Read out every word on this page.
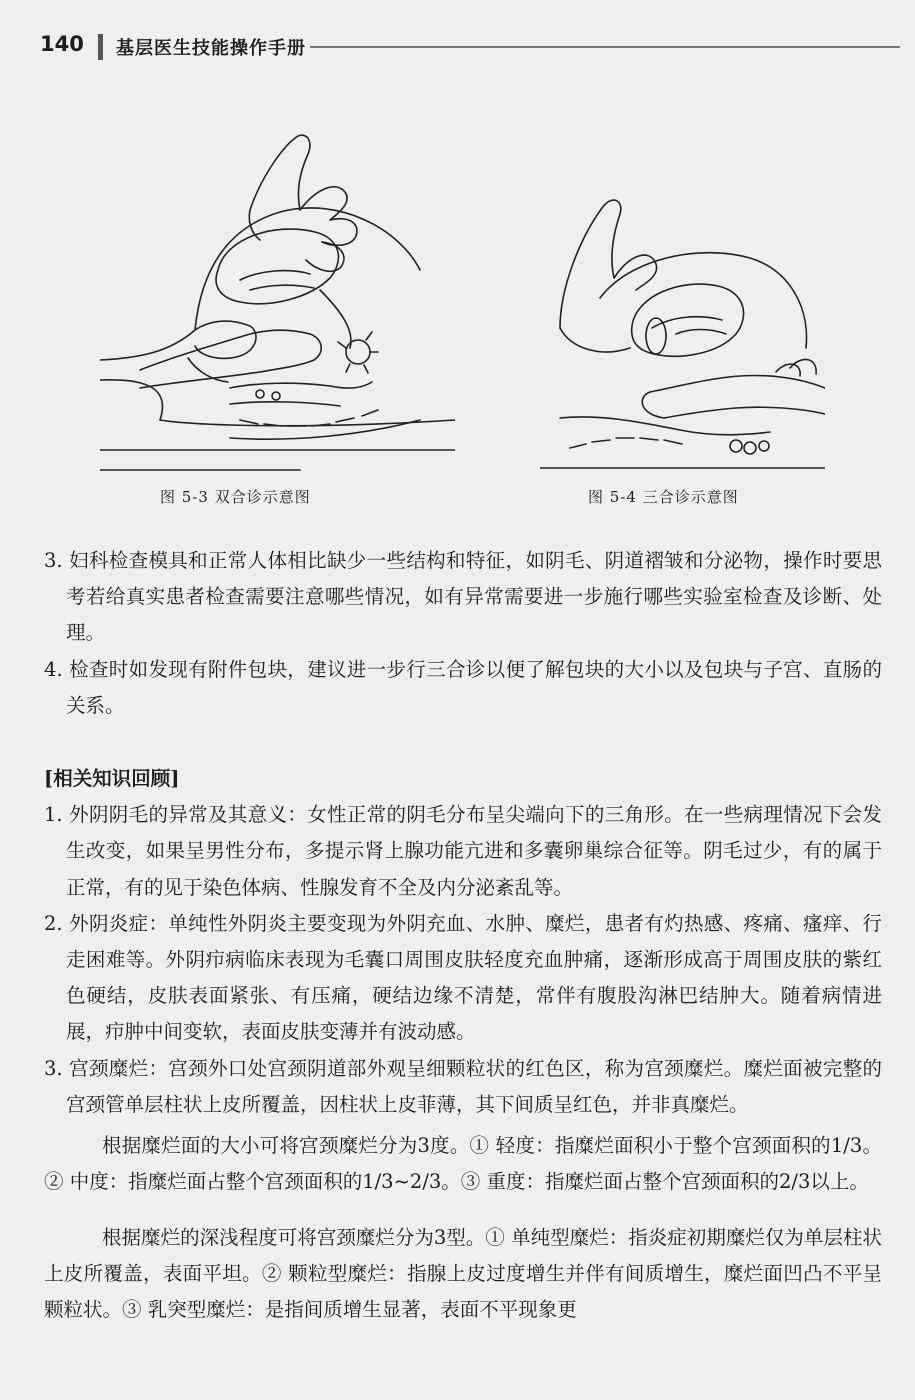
140 基层医生技能操作手册
图 5-3 双合诊示意图	图 5-4 三合诊示意图

3. 妇科检查模具和正常人体相比缺少一些结构和特征，如阴毛、阴道褶皱和分泌物，操作时要思考若给真实患者检查需要注意哪些情况，如有异常需要进一步施行哪些实验室检查及诊断、处理。

4. 检查时如发现有附件包块，建议进一步行三合诊以便了解包块的大小以及包块与子宫、直肠的关系。

[相关知识回顾]

1. 外阴阴毛的异常及其意义：女性正常的阴毛分布呈尖端向下的三角形。在一些病理情况下会发生改变，如果呈男性分布，多提示肾上腺功能亢进和多囊卵巢综合征等。阴毛过少，有的属于正常，有的见于染色体病、性腺发育不全及内分泌紊乱等。

2. 外阴炎症：单纯性外阴炎主要变现为外阴充血、水肿、糜烂，患者有灼热感、疼痛、瘙痒、行走困难等。外阴疖病临床表现为毛囊口周围皮肤轻度充血肿痛，逐渐形成高于周围皮肤的紫红色硬结，皮肤表面紧张、有压痛，硬结边缘不清楚，常伴有腹股沟淋巴结肿大。随着病情进展，疖肿中间变软，表面皮肤变薄并有波动感。

3. 宫颈糜烂：宫颈外口处宫颈阴道部外观呈细颗粒状的红色区，称为宫颈糜烂。糜烂面被完整的宫颈管单层柱状上皮所覆盖，因柱状上皮菲薄，其下间质呈红色，并非真糜烂。

根据糜烂面的大小可将宫颈糜烂分为3度。① 轻度：指糜烂面积小于整个宫颈面积的1/3。② 中度：指糜烂面占整个宫颈面积的1/3~2/3。③ 重度：指糜烂面占整个宫颈面积的2/3以上。

根据糜烂的深浅程度可将宫颈糜烂分为3型。① 单纯型糜烂：指炎症初期糜烂仅为单层柱状上皮所覆盖，表面平坦。② 颗粒型糜烂：指腺上皮过度增生并伴有间质增生，糜烂面凹凸不平呈颗粒状。③ 乳突型糜烂：是指间质增生显著，表面不平现象更
